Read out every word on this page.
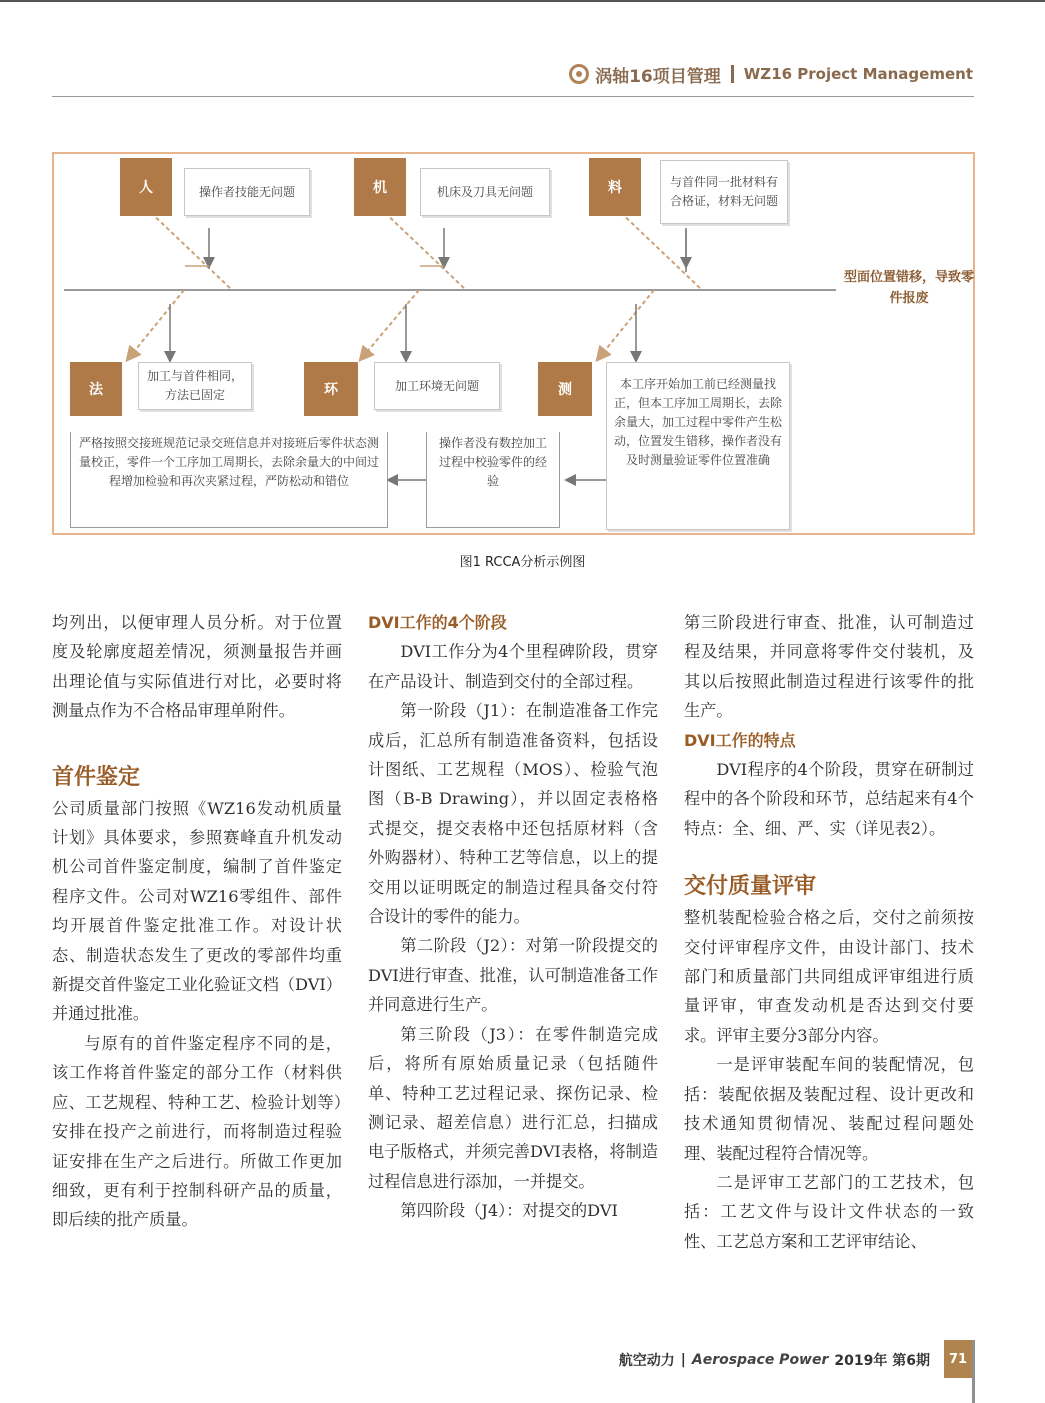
涡轴16项目管理 WZ16 Project Management
人	操作者技能无问题	机	机床及刀具无问题	料	与首件同一批材料有合格证，材料无问题
型面位置错移，导致零件报废
法
加工与首件相同，方法已固定	环	加工环境无问题	测	本工序开始加工前已经测量找正，但本工序加工周期长，去除余量大，加工过程中零件产生松动，位置发生错移，操作者没有及时测量验证零件位置准确
操作者没有数控加工过程中校验零件的经验
严格按照交接班规范记录交班信息并对接班后零件状态测量校正，零件一个工序加工周期长，去除余量大的中间过程增加检验和再次夹紧过程，严防松动和错位
图1 RCCA分析示例图

均列出，以便审理人员分析。对于位置度及轮廓度超差情况，须测量报告并画出理论值与实际值进行对比，必要时将测量点作为不合格品审理单附件。

首件鉴定

公司质量部门按照《WZ16发动机质量计划》具体要求，参照赛峰直升机发动机公司首件鉴定制度，编制了首件鉴定程序文件。公司对WZ16零组件、部件均开展首件鉴定批准工作。对设计状态、制造状态发生了更改的零部件均重新提交首件鉴定工业化验证文档（DVI）并通过批准。

与原有的首件鉴定程序不同的是，该工作将首件鉴定的部分工作（材料供应、工艺规程、特种工艺、检验计划等）安排在投产之前进行，而将制造过程验证安排在生产之后进行。所做工作更加细致，更有利于控制科研产品的质量，即后续的批产质量。

DVI工作的4个阶段

DVI工作分为4个里程碑阶段，贯穿在产品设计、制造到交付的全部过程。

第一阶段（J1）：在制造准备工作完成后，汇总所有制造准备资料，包括设计图纸、工艺规程（MOS）、检验气泡图（B-B Drawing），并以固定表格格式提交，提交表格中还包括原材料（含外购器材）、特种工艺等信息，以上的提交用以证明既定的制造过程具备交付符合设计的零件的能力。

第二阶段（J2）：对第一阶段提交的DVI进行审查、批准，认可制造准备工作并同意进行生产。

第三阶段（J3）：在零件制造完成后，将所有原始质量记录（包括随件单、特种工艺过程记录、探伤记录、检测记录、超差信息）进行汇总，扫描成电子版格式，并须完善DVI表格，将制造过程信息进行添加，一并提交。

第四阶段（J4）：对提交的DVI

第三阶段进行审查、批准，认可制造过程及结果，并同意将零件交付装机，及其以后按照此制造过程进行该零件的批生产。

DVI工作的特点

DVI程序的4个阶段，贯穿在研制过程中的各个阶段和环节，总结起来有4个特点：全、细、严、实（详见表2）。

交付质量评审

整机装配检验合格之后，交付之前须按交付评审程序文件，由设计部门、技术部门和质量部门共同组成评审组进行质量评审，审查发动机是否达到交付要求。评审主要分3部分内容。

一是评审装配车间的装配情况，包括：装配依据及装配过程、设计更改和技术通知贯彻情况、装配过程问题处理、装配过程符合情况等。

二是评审工艺部门的工艺技术，包括：工艺文件与设计文件状态的一致性、工艺总方案和工艺评审结论、

航空动力 | Aerospace Power 2019年 第6期	71
